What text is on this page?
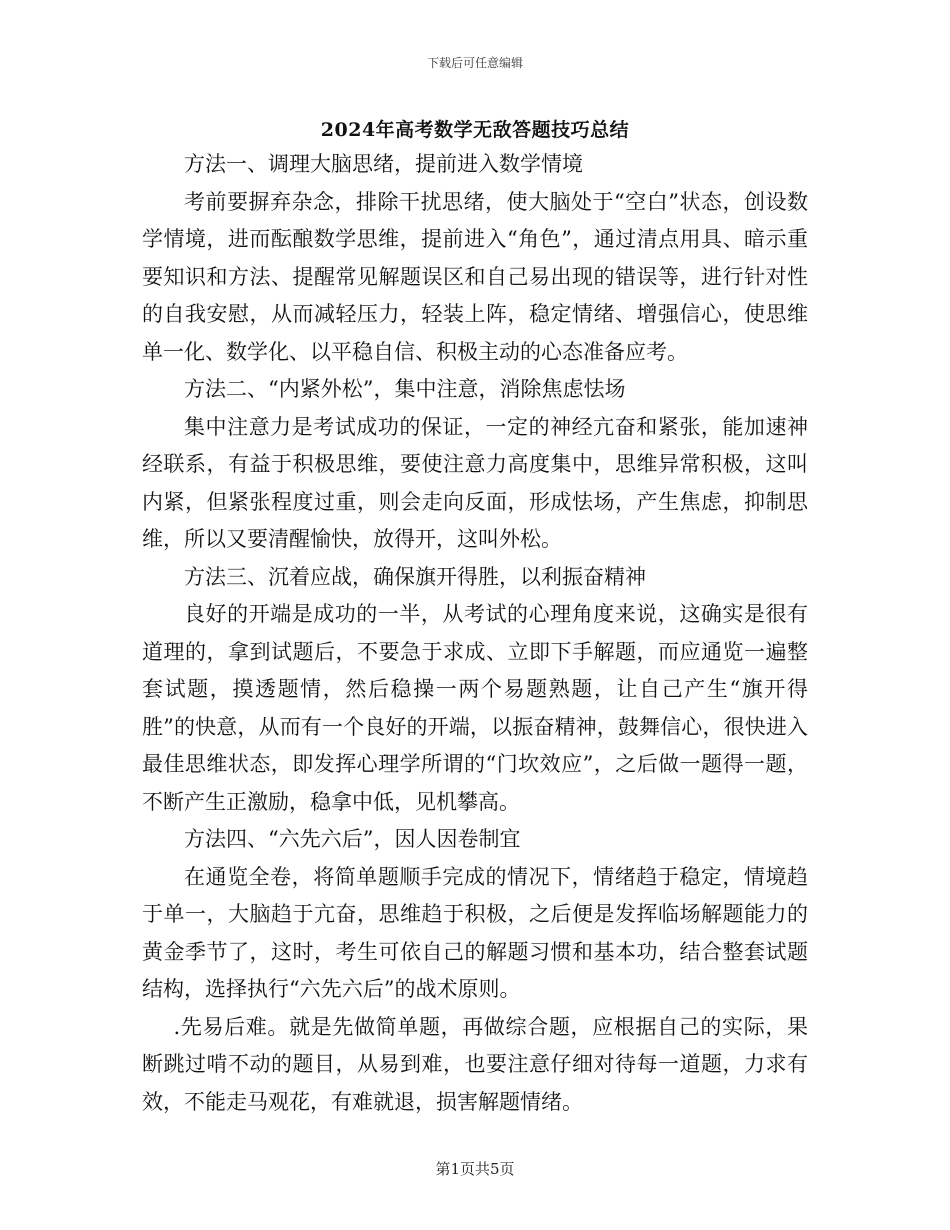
下载后可任意编辑
2024年高考数学无敌答题技巧总结

方法一、调理大脑思绪，提前进入数学情境

考前要摒弃杂念，排除干扰思绪，使大脑处于“空白”状态，创设数学情境，进而酝酿数学思维，提前进入“角色”，通过清点用具、暗示重要知识和方法、提醒常见解题误区和自己易出现的错误等，进行针对性的自我安慰，从而减轻压力，轻装上阵，稳定情绪、增强信心，使思维单一化、数学化、以平稳自信、积极主动的心态准备应考。

方法二、“内紧外松”，集中注意，消除焦虑怯场

集中注意力是考试成功的保证，一定的神经亢奋和紧张，能加速神经联系，有益于积极思维，要使注意力高度集中，思维异常积极，这叫内紧，但紧张程度过重，则会走向反面，形成怯场，产生焦虑，抑制思维，所以又要清醒愉快，放得开，这叫外松。

方法三、沉着应战，确保旗开得胜，以利振奋精神

良好的开端是成功的一半，从考试的心理角度来说，这确实是很有道理的，拿到试题后，不要急于求成、立即下手解题，而应通览一遍整套试题，摸透题情，然后稳操一两个易题熟题，让自己产生“旗开得胜”的快意，从而有一个良好的开端，以振奋精神，鼓舞信心，很快进入最佳思维状态，即发挥心理学所谓的“门坎效应”，之后做一题得一题，不断产生正激励，稳拿中低，见机攀高。

方法四、“六先六后”，因人因卷制宜

在通览全卷，将简单题顺手完成的情况下，情绪趋于稳定，情境趋于单一，大脑趋于亢奋，思维趋于积极，之后便是发挥临场解题能力的黄金季节了，这时，考生可依自己的解题习惯和基本功，结合整套试题结构，选择执行“六先六后”的战术原则。

.先易后难。就是先做简单题，再做综合题，应根据自己的实际，果断跳过啃不动的题目，从易到难，也要注意仔细对待每一道题，力求有效，不能走马观花，有难就退，损害解题情绪。

第1页共5页
